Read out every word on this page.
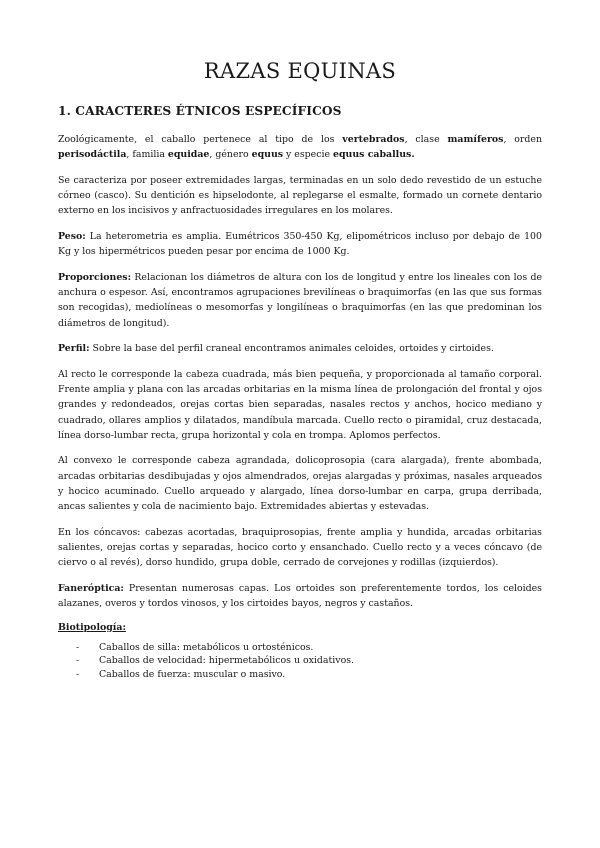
RAZAS EQUINAS
1. CARACTERES ÉTNICOS ESPECÍFICOS

Zoológicamente, el caballo pertenece al tipo de los vertebrados, clase mamíferos, orden perisodáctila, familia equidae, género equus y especie equus caballus.

Se caracteriza por poseer extremidades largas, terminadas en un solo dedo revestido de un estuche córneo (casco). Su dentición es hipselodonte, al replegarse el esmalte, formado un cornete dentario externo en los incisivos y anfractuosidades irregulares en los molares.

Peso: La heterometria es amplia. Eumétricos 350-450 Kg, elipométricos incluso por debajo de 100 Kg y los hipermétricos pueden pesar por encima de 1000 Kg.

Proporciones: Relacionan los diámetros de altura con los de longitud y entre los lineales con los de anchura o espesor. Así, encontramos agrupaciones brevilíneas o braquimorfas (en las que sus formas son recogidas), mediolíneas o mesomorfas y longilíneas o braquimorfas (en las que predominan los diámetros de longitud).

Perfil: Sobre la base del perfil craneal encontramos animales celoides, ortoides y cirtoides.

Al recto le corresponde la cabeza cuadrada, más bien pequeña, y proporcionada al tamaño corporal. Frente amplia y plana con las arcadas orbitarias en la misma línea de prolongación del frontal y ojos grandes y redondeados, orejas cortas bien separadas, nasales rectos y anchos, hocico mediano y cuadrado, ollares amplios y dilatados, mandíbula marcada. Cuello recto o piramidal, cruz destacada, línea dorso-lumbar recta, grupa horizontal y cola en trompa. Aplomos perfectos.

Al convexo le corresponde cabeza agrandada, dolicoprosopia (cara alargada), frente abombada, arcadas orbitarias desdibujadas y ojos almendrados, orejas alargadas y próximas, nasales arqueados y hocico acuminado. Cuello arqueado y alargado, línea dorso-lumbar en carpa, grupa derribada, ancas salientes y cola de nacimiento bajo. Extremidades abiertas y estevadas.

En los cóncavos: cabezas acortadas, braquiprosopias, frente amplia y hundida, arcadas orbitarias salientes, orejas cortas y separadas, hocico corto y ensanchado. Cuello recto y a veces cóncavo (de ciervo o al revés), dorso hundido, grupa doble, cerrado de corvejones y rodillas (izquierdos).

Faneróptica: Presentan numerosas capas. Los ortoides son preferentemente tordos, los celoides alazanes, overos y tordos vinosos, y los cirtoides bayos, negros y castaños.

Biotipología:
- Caballos de silla: metabólicos u ortosténicos.
- Caballos de velocidad: hipermetabólicos u oxidativos.
- Caballos de fuerza: muscular o masivo.
